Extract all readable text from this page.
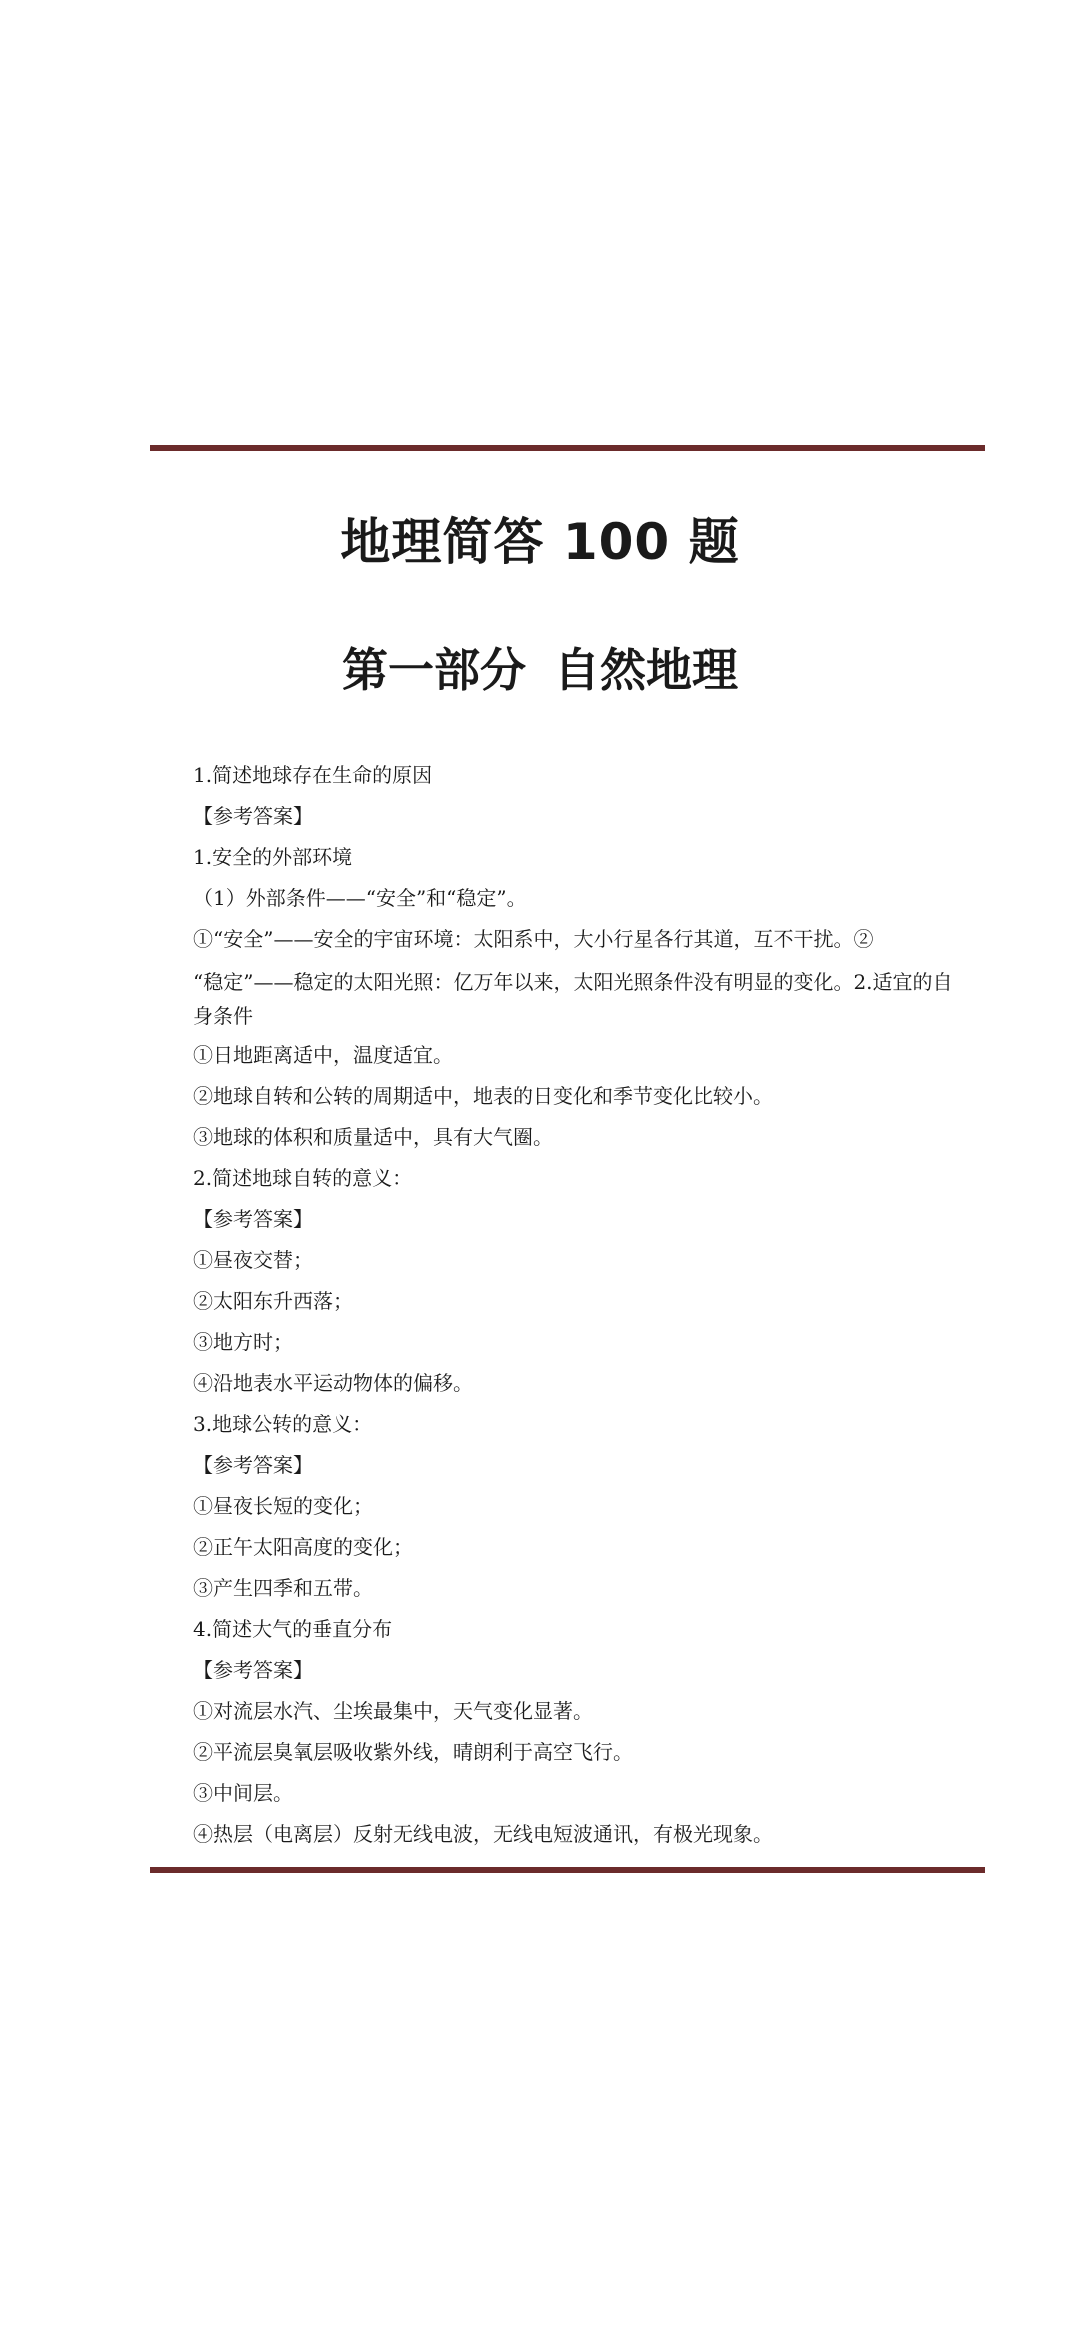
地理简答 100 题
第一部分 自然地理
1.简述地球存在生命的原因
【参考答案】
1.安全的外部环境
（1）外部条件——“安全”和“稳定”。
①“安全”——安全的宇宙环境：太阳系中，大小行星各行其道，互不干扰。②
“稳定”——稳定的太阳光照：亿万年以来，太阳光照条件没有明显的变化。2.适宜的自身条件
①日地距离适中，温度适宜。
②地球自转和公转的周期适中，地表的日变化和季节变化比较小。
③地球的体积和质量适中，具有大气圈。
2.简述地球自转的意义：
【参考答案】
①昼夜交替；
②太阳东升西落；
③地方时；
④沿地表水平运动物体的偏移。
3.地球公转的意义：
【参考答案】
①昼夜长短的变化；
②正午太阳高度的变化；
③产生四季和五带。
4.简述大气的垂直分布
【参考答案】
①对流层水汽、尘埃最集中，天气变化显著。
②平流层臭氧层吸收紫外线，晴朗利于高空飞行。
③中间层。
④热层（电离层）反射无线电波，无线电短波通讯，有极光现象。
